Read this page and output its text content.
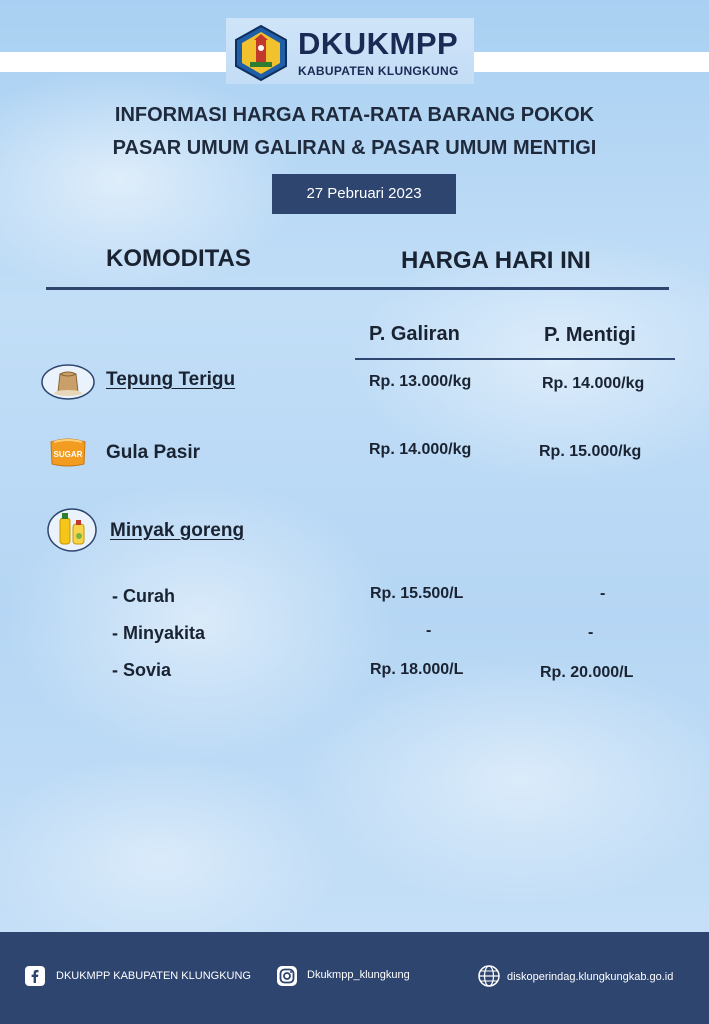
DKUKMPP
KABUPATEN KLUNGKUNG
INFORMASI HARGA RATA-RATA BARANG POKOK
PASAR UMUM GALIRAN & PASAR UMUM MENTIGI
27 Pebruari 2023
KOMODITAS	HARGA HARI INI
P. Galiran	P. Mentigi
Tepung Terigu	Rp. 13.000/kg	Rp. 14.000/kg
SUGAR Gula Pasir	Rp. 14.000/kg	Rp. 15.000/kg
Minyak goreng
- Curah	Rp. 15.500/L	-
- Minyakita	-	-
- Sovia	Rp. 18.000/L	Rp. 20.000/L
DKUKMPP KABUPATEN KLUNGKUNG	Dkukmpp_klungkung	diskoperindag.klungkungkab.go.id
